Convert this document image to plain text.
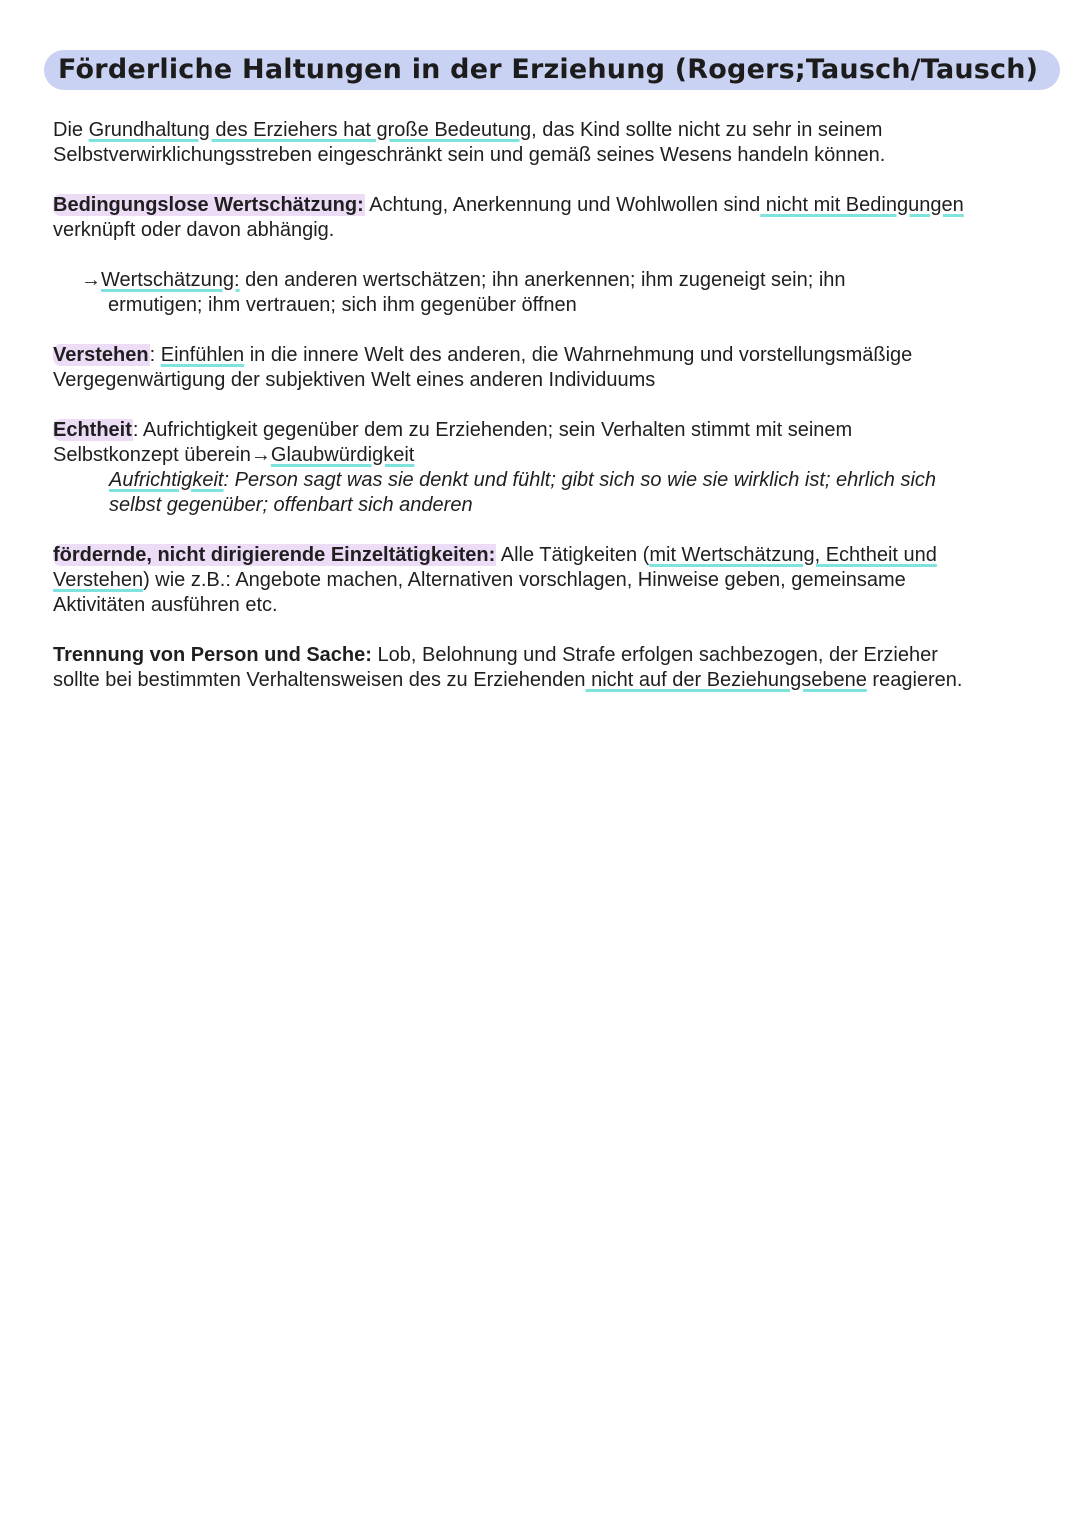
Förderliche Haltungen in der Erziehung (Rogers;Tausch/Tausch)

Die Grundhaltung des Erziehers hat große Bedeutung, das Kind sollte nicht zu sehr in seinem
Selbstverwirklichungsstreben eingeschränkt sein und gemäß seines Wesens handeln können.

Bedingungslose Wertschätzung: Achtung, Anerkennung und Wohlwollen sind nicht mit Bedingungen
verknüpft oder davon abhängig.

→Wertschätzung: den anderen wertschätzen; ihn anerkennen; ihm zugeneigt sein; ihn
ermutigen; ihm vertrauen; sich ihm gegenüber öffnen

Verstehen: Einfühlen in die innere Welt des anderen, die Wahrnehmung und vorstellungsmäßige
Vergegenwärtigung der subjektiven Welt eines anderen Individuums

Echtheit: Aufrichtigkeit gegenüber dem zu Erziehenden; sein Verhalten stimmt mit seinem
Selbstkonzept überein→Glaubwürdigkeit

Aufrichtigkeit: Person sagt was sie denkt und fühlt; gibt sich so wie sie wirklich ist; ehrlich sich
selbst gegenüber; offenbart sich anderen

fördernde, nicht dirigierende Einzeltätigkeiten: Alle Tätigkeiten (mit Wertschätzung, Echtheit und
Verstehen) wie z.B.: Angebote machen, Alternativen vorschlagen, Hinweise geben, gemeinsame
Aktivitäten ausführen etc.

Trennung von Person und Sache: Lob, Belohnung und Strafe erfolgen sachbezogen, der Erzieher
sollte bei bestimmten Verhaltensweisen des zu Erziehenden nicht auf der Beziehungsebene reagieren.
